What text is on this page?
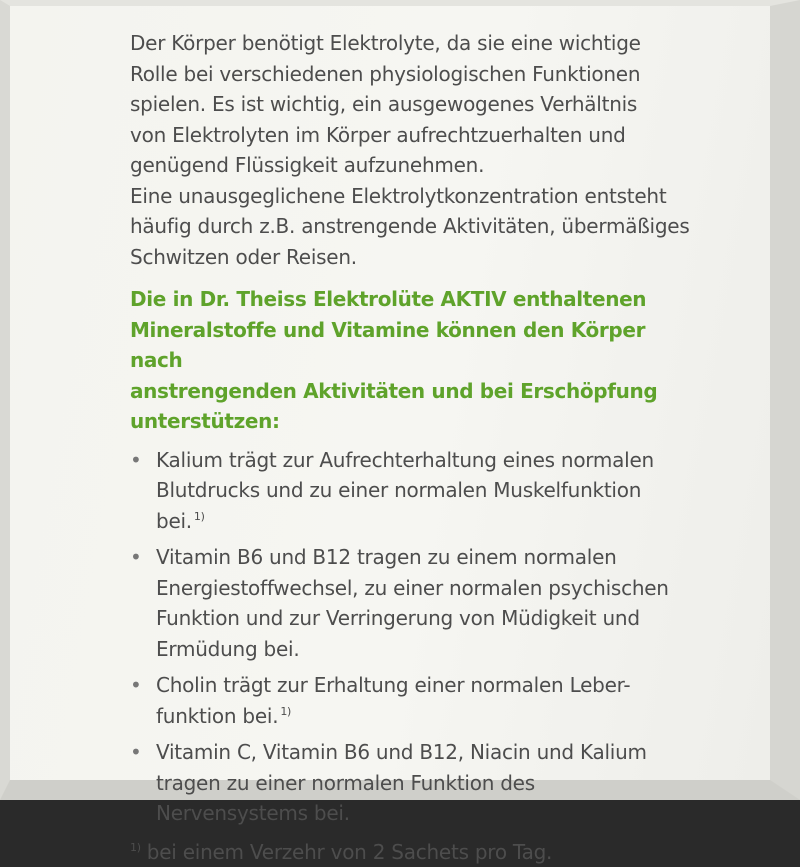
Der Körper benötigt Elektrolyte, da sie eine wichtige

Rolle bei verschiedenen physiologischen Funktionen

spielen. Es ist wichtig, ein ausgewogenes Verhältnis

von Elektrolyten im Körper aufrechtzuerhalten und

genügend Flüssigkeit aufzunehmen.

Eine unausgeglichene Elektrolytkonzentration entsteht

häufig durch z.B. anstrengende Aktivitäten, übermäßiges

Schwitzen oder Reisen.

Die in Dr. Theiss Elektrolüte AKTIV enthaltenen
Mineralstoffe und Vitamine können den Körper nach
anstrengenden Aktivitäten und bei Erschöpfung
unterstützen:
• Kalium trägt zur Aufrechterhaltung eines normalen
Blutdrucks und zu einer normalen Muskelfunktion bei. $^{1)}$
• Vitamin B6 und B12 tragen zu einem normalen
Energiestoffwechsel, zu einer normalen psychischen
Funktion und zur Verringerung von Müdigkeit und
Ermüdung bei.
• Cholin trägt zur Erhaltung einer normalen Leber-
funktion bei. $^{1)}$
• Vitamin C, Vitamin B6 und B12, Niacin und Kalium
tragen zu einer normalen Funktion des
Nervensystems bei.
$^{1)}$ bei einem Verzehr von 2 Sachets pro Tag.
